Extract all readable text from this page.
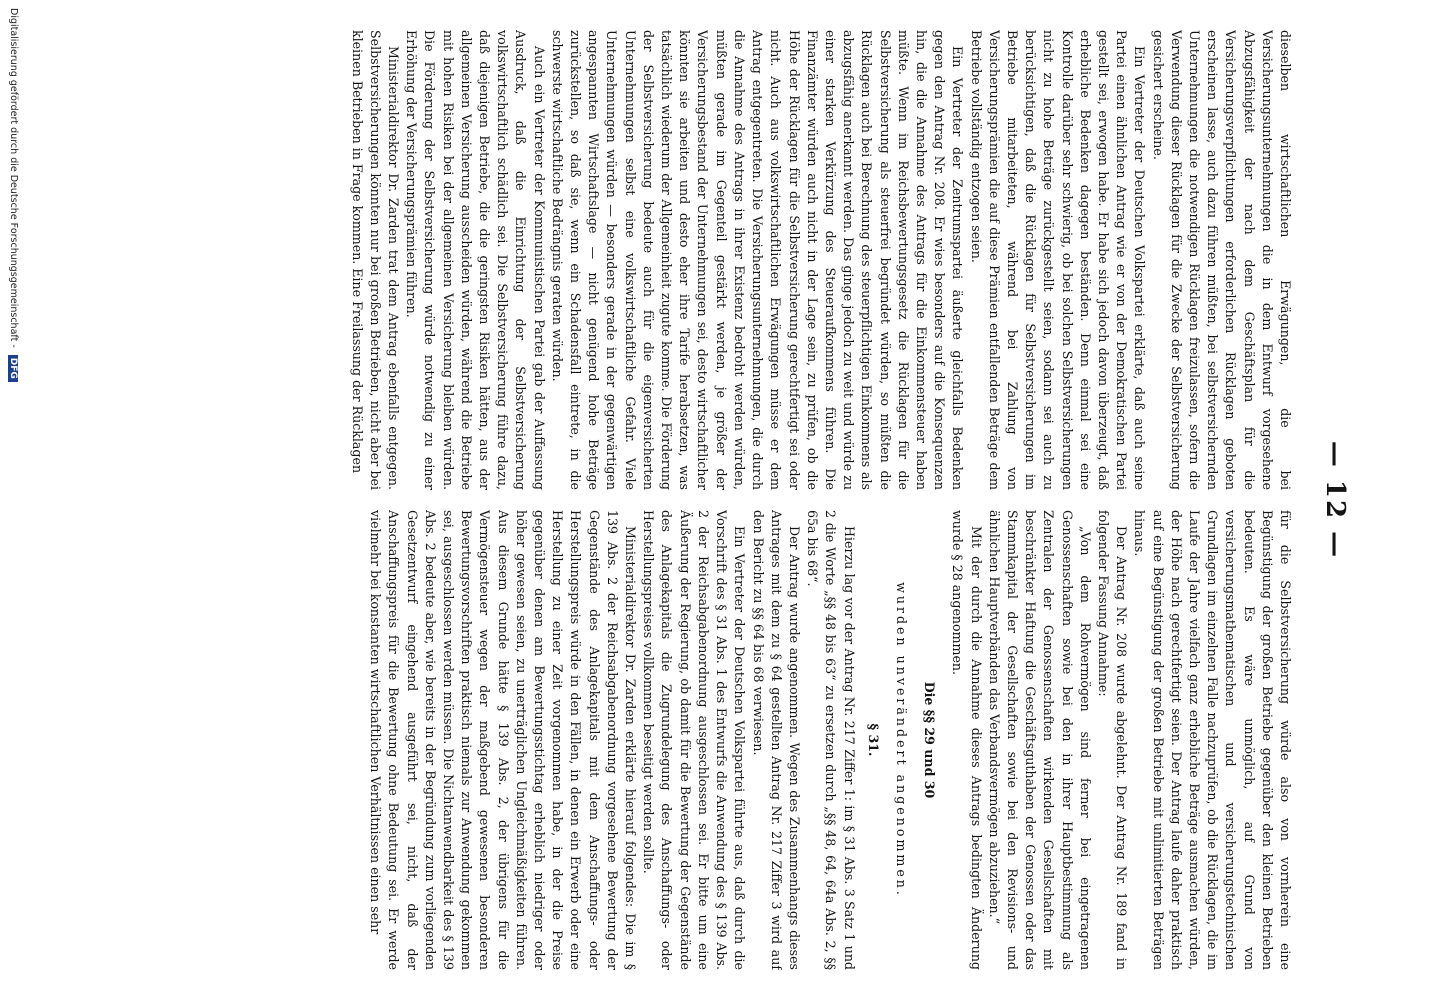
— 12 —

dieselben wirtschaftlichen Erwägungen, die bei Versicherungsunternehmungen die in dem Entwurf vorgesehene Abzugsfähigkeit der nach dem Geschäftsplan für die Versicherungsverpflichtungen erforderlichen Rücklagen geboten erscheinen lasse, auch dazu führen müßten, bei selbstversichernden Unternehmungen die notwendigen Rücklagen freizulassen, sofern die Verwendung dieser Rücklagen für die Zwecke der Selbstversicherung gesichert erscheine.

Ein Vertreter der Deutschen Volkspartei erklärte, daß auch seine Partei einen ähnlichen Antrag wie er von der Demokratischen Partei gestellt sei, erwogen habe. Er habe sich jedoch davon überzeugt, daß erhebliche Bedenken dagegen beständen. Denn einmal sei eine Kontrolle darüber sehr schwierig, ob bei solchen Selbstversicherungen nicht zu hohe Beträge zurückgestellt seien, sodann sei auch zu berücksichtigen, daß die Rücklagen für Selbstversicherungen im Betriebe mitarbeiteten, während bei Zahlung von Versicherungsprämien die auf diese Prämien entfallenden Beträge dem Betriebe vollständig entzogen seien.

Ein Vertreter der Zentrumspartei äußerte gleichfalls Bedenken gegen den Antrag Nr. 208. Er wies besonders auf die Konsequenzen hin, die die Annahme des Antrags für die Einkommensteuer haben müßte. Wenn im Reichsbewertungsgesetz die Rücklagen für die Selbstversicherung als steuerfrei begründet würden, so müßten die Rücklagen auch bei Berechnung des steuerpflichtigen Einkommens als abzugsfähig anerkannt werden. Das ginge jedoch zu weit und würde zu einer starken Verkürzung des Steueraufkommens führen. Die Finanzämter würden auch nicht in der Lage sein, zu prüfen, ob die Höhe der Rücklagen für die Selbstversicherung gerechtfertigt sei oder nicht. Auch aus volkswirtschaftlichen Erwägungen müsse er dem Antrag entgegentreten. Die Versicherungsunternehmungen, die durch die Annahme des Antrags in ihrer Existenz bedroht werden würden, müßten gerade im Gegenteil gestärkt werden, je größer der Versicherungsbestand der Unternehmungen sei, desto wirtschaftlicher könnten sie arbeiten und desto eher ihre Tarife herabsetzen, was tatsächlich wiederum der Allgemeinheit zugute komme. Die Förderung der Selbstversicherung bedeute auch für die eigenversicherten Unternehmungen selbst eine volkswirtschaftliche Gefahr. Viele Unternehmungen würden — besonders gerade in der gegenwärtigen angespannten Wirtschaftslage — nicht genügend hohe Beträge zurückstellen, so daß sie, wenn ein Schadensfall eintrete, in die schwerste wirtschaftliche Bedrängnis geraten würden.

Auch ein Vertreter der Kommunistischen Partei gab der Auffassung Ausdruck, daß die Einrichtung der Selbstversicherung volkswirtschaftlich schädlich sei. Die Selbstversicherung führe dazu, daß diejenigen Betriebe, die die geringsten Risiken hätten, aus der allgemeinen Versicherung ausscheiden würden, während die Betriebe mit hohen Risiken bei der allgemeinen Versicherung bleiben würden. Die Förderung der Selbstversicherung würde notwendig zu einer Erhöhung der Versicherungsprämien führen.

Ministerialdirektor Dr. Zarden trat dem Antrag ebenfalls entgegen. Selbstversicherungen könnten nur bei großen Betrieben, nicht aber bei kleinen Betrieben in Frage kommen. Eine Freilassung der Rücklagen

für die Selbstversicherung würde also von vornherein eine Begünstigung der großen Betriebe gegenüber den kleinen Betrieben bedeuten. Es wäre unmöglich, auf Grund von versicherungsmathematischen und versicherungstechnischen Grundlagen im einzelnen Falle nachzuprüfen, ob die Rücklagen, die im Laufe der Jahre vielfach ganz erhebliche Beträge ausmachen würden, der Höhe nach gerechtfertigt seien. Der Antrag laufe daher praktisch auf eine Begünstigung der großen Betriebe mit unlimitierten Beträgen hinaus.

Der Antrag Nr. 208 wurde abgelehnt. Der Antrag Nr. 189 fand in folgender Fassung Annahme:

„Von dem Rohvermögen sind ferner bei eingetragenen Genossenschaften sowie bei den in ihrer Hauptbestimmung als Zentralen der Genossenschaften wirkenden Gesellschaften mit beschränkter Haftung die Geschäftsguthaben der Genossen oder das Stammkapital der Gesellschaften sowie bei den Revisions- und ähnlichen Hauptverbänden das Verbandsvermögen abzuziehen.“

Mit der durch die Annahme dieses Antrags bedingten Änderung wurde § 28 angenommen.

Die §§ 29 und 30

wurden unverändert angenommen.

§ 31.

Hierzu lag vor der Antrag Nr. 217 Ziffer 1: im § 31 Abs. 3 Satz 1 und 2 die Worte „§§ 48 bis 63“ zu ersetzen durch „§§ 48, 64, 64a Abs. 2, §§ 65a bis 68“.

Der Antrag wurde angenommen. Wegen des Zusammenhangs dieses Antrages mit dem zu § 64 gestellten Antrag Nr. 217 Ziffer 3 wird auf den Bericht zu §§ 64 bis 68 verwiesen.

Ein Vertreter der Deutschen Volkspartei führte aus, daß durch die Vorschrift des § 31 Abs. 1 des Entwurfs die Anwendung des § 139 Abs. 2 der Reichsabgabenordnung ausgeschlossen sei. Er bitte um eine Äußerung der Regierung, ob damit für die Bewertung der Gegenstände des Anlagekapitals die Zugrundelegung des Anschaffungs- oder Herstellungspreises vollkommen beseitigt werden sollte.

Ministerialdirektor Dr. Zarden erklärte hierauf folgendes: Die im § 139 Abs. 2 der Reichsabgabenordnung vorgesehene Bewertung der Gegenstände des Anlagekapitals mit dem Anschaffungs- oder Herstellungspreis würde in den Fällen, in denen ein Erwerb oder eine Herstellung zu einer Zeit vorgenommen habe, in der die Preise gegenüber denen am Bewertungsstichtag erheblich niedriger oder höher gewesen seien, zu unerträglichen Ungleichmäßigkeiten führen. Aus diesem Grunde hätte § 139 Abs. 2, der übrigens für die Vermögensteuer wegen der maßgebend gewesenen besonderen Bewertungsvorschriften praktisch niemals zur Anwendung gekommen sei, ausgeschlossen werden müssen. Die Nichtanwendbarkeit des § 139 Abs. 2 bedeute aber, wie bereits in der Begründung zum vorliegenden Gesetzentwurf eingehend ausgeführt sei, nicht, daß der Anschaffungspreis für die Bewertung ohne Bedeutung sei. Er werde vielmehr bei konstanten wirtschaftlichen Verhältnissen einen sehr

Digitalisierung gefördert durch die Deutsche Forschungsgemeinschaft - DFG
